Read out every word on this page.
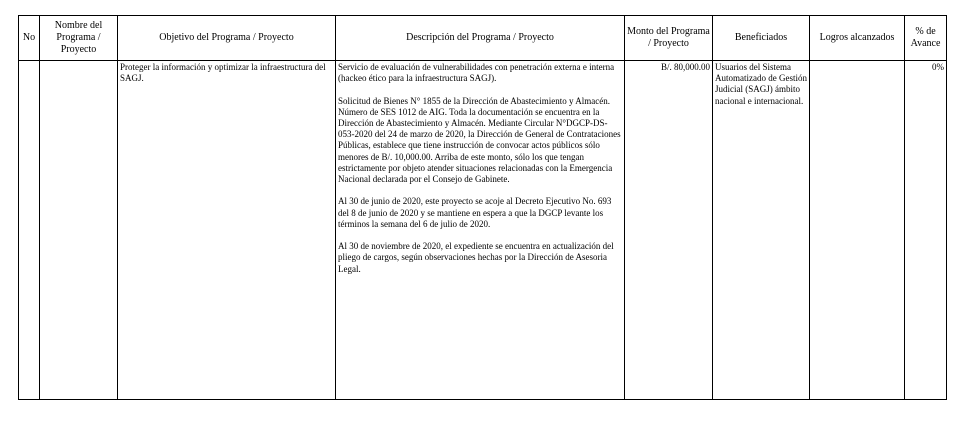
No	Nombre del Programa / Proyecto	Objetivo del Programa / Proyecto	Descripción del Programa / Proyecto	Monto del Programa / Proyecto	Beneficiados	Logros alcanzados	% de Avance

		Proteger la información y optimizar la infraestructura del SAGJ.	Servicio de evaluación de vulnerabilidades con penetración externa e interna (hackeo ético para la infraestructura SAGJ).

Solicitud de Bienes N° 1855 de la Dirección de Abastecimiento y Almacén. Número de SES 1012 de AIG. Toda la documentación se encuentra en la Dirección de Abastecimiento y Almacén. Mediante Circular N°DGCP-DS-053-2020 del 24 de marzo de 2020, la Dirección de General de Contrataciones Públicas, establece que tiene instrucción de convocar actos públicos sólo menores de B/. 10,000.00. Arriba de este monto, sólo los que tengan estrictamente por objeto atender situaciones relacionadas con la Emergencia Nacional declarada por el Consejo de Gabinete.

Al 30 de junio de 2020, este proyecto se acoje al Decreto Ejecutivo No. 693 del 8 de junio de 2020 y se mantiene en espera a que la DGCP levante los términos la semana del 6 de julio de 2020.

Al 30 de noviembre de 2020, el expediente se encuentra en actualización del pliego de cargos, según observaciones hechas por la Dirección de Asesoria Legal.	B/. 80,000.00	Usuarios del Sistema Automatizado de Gestión Judicial (SAGJ) ámbito nacional e internacional.		0%
